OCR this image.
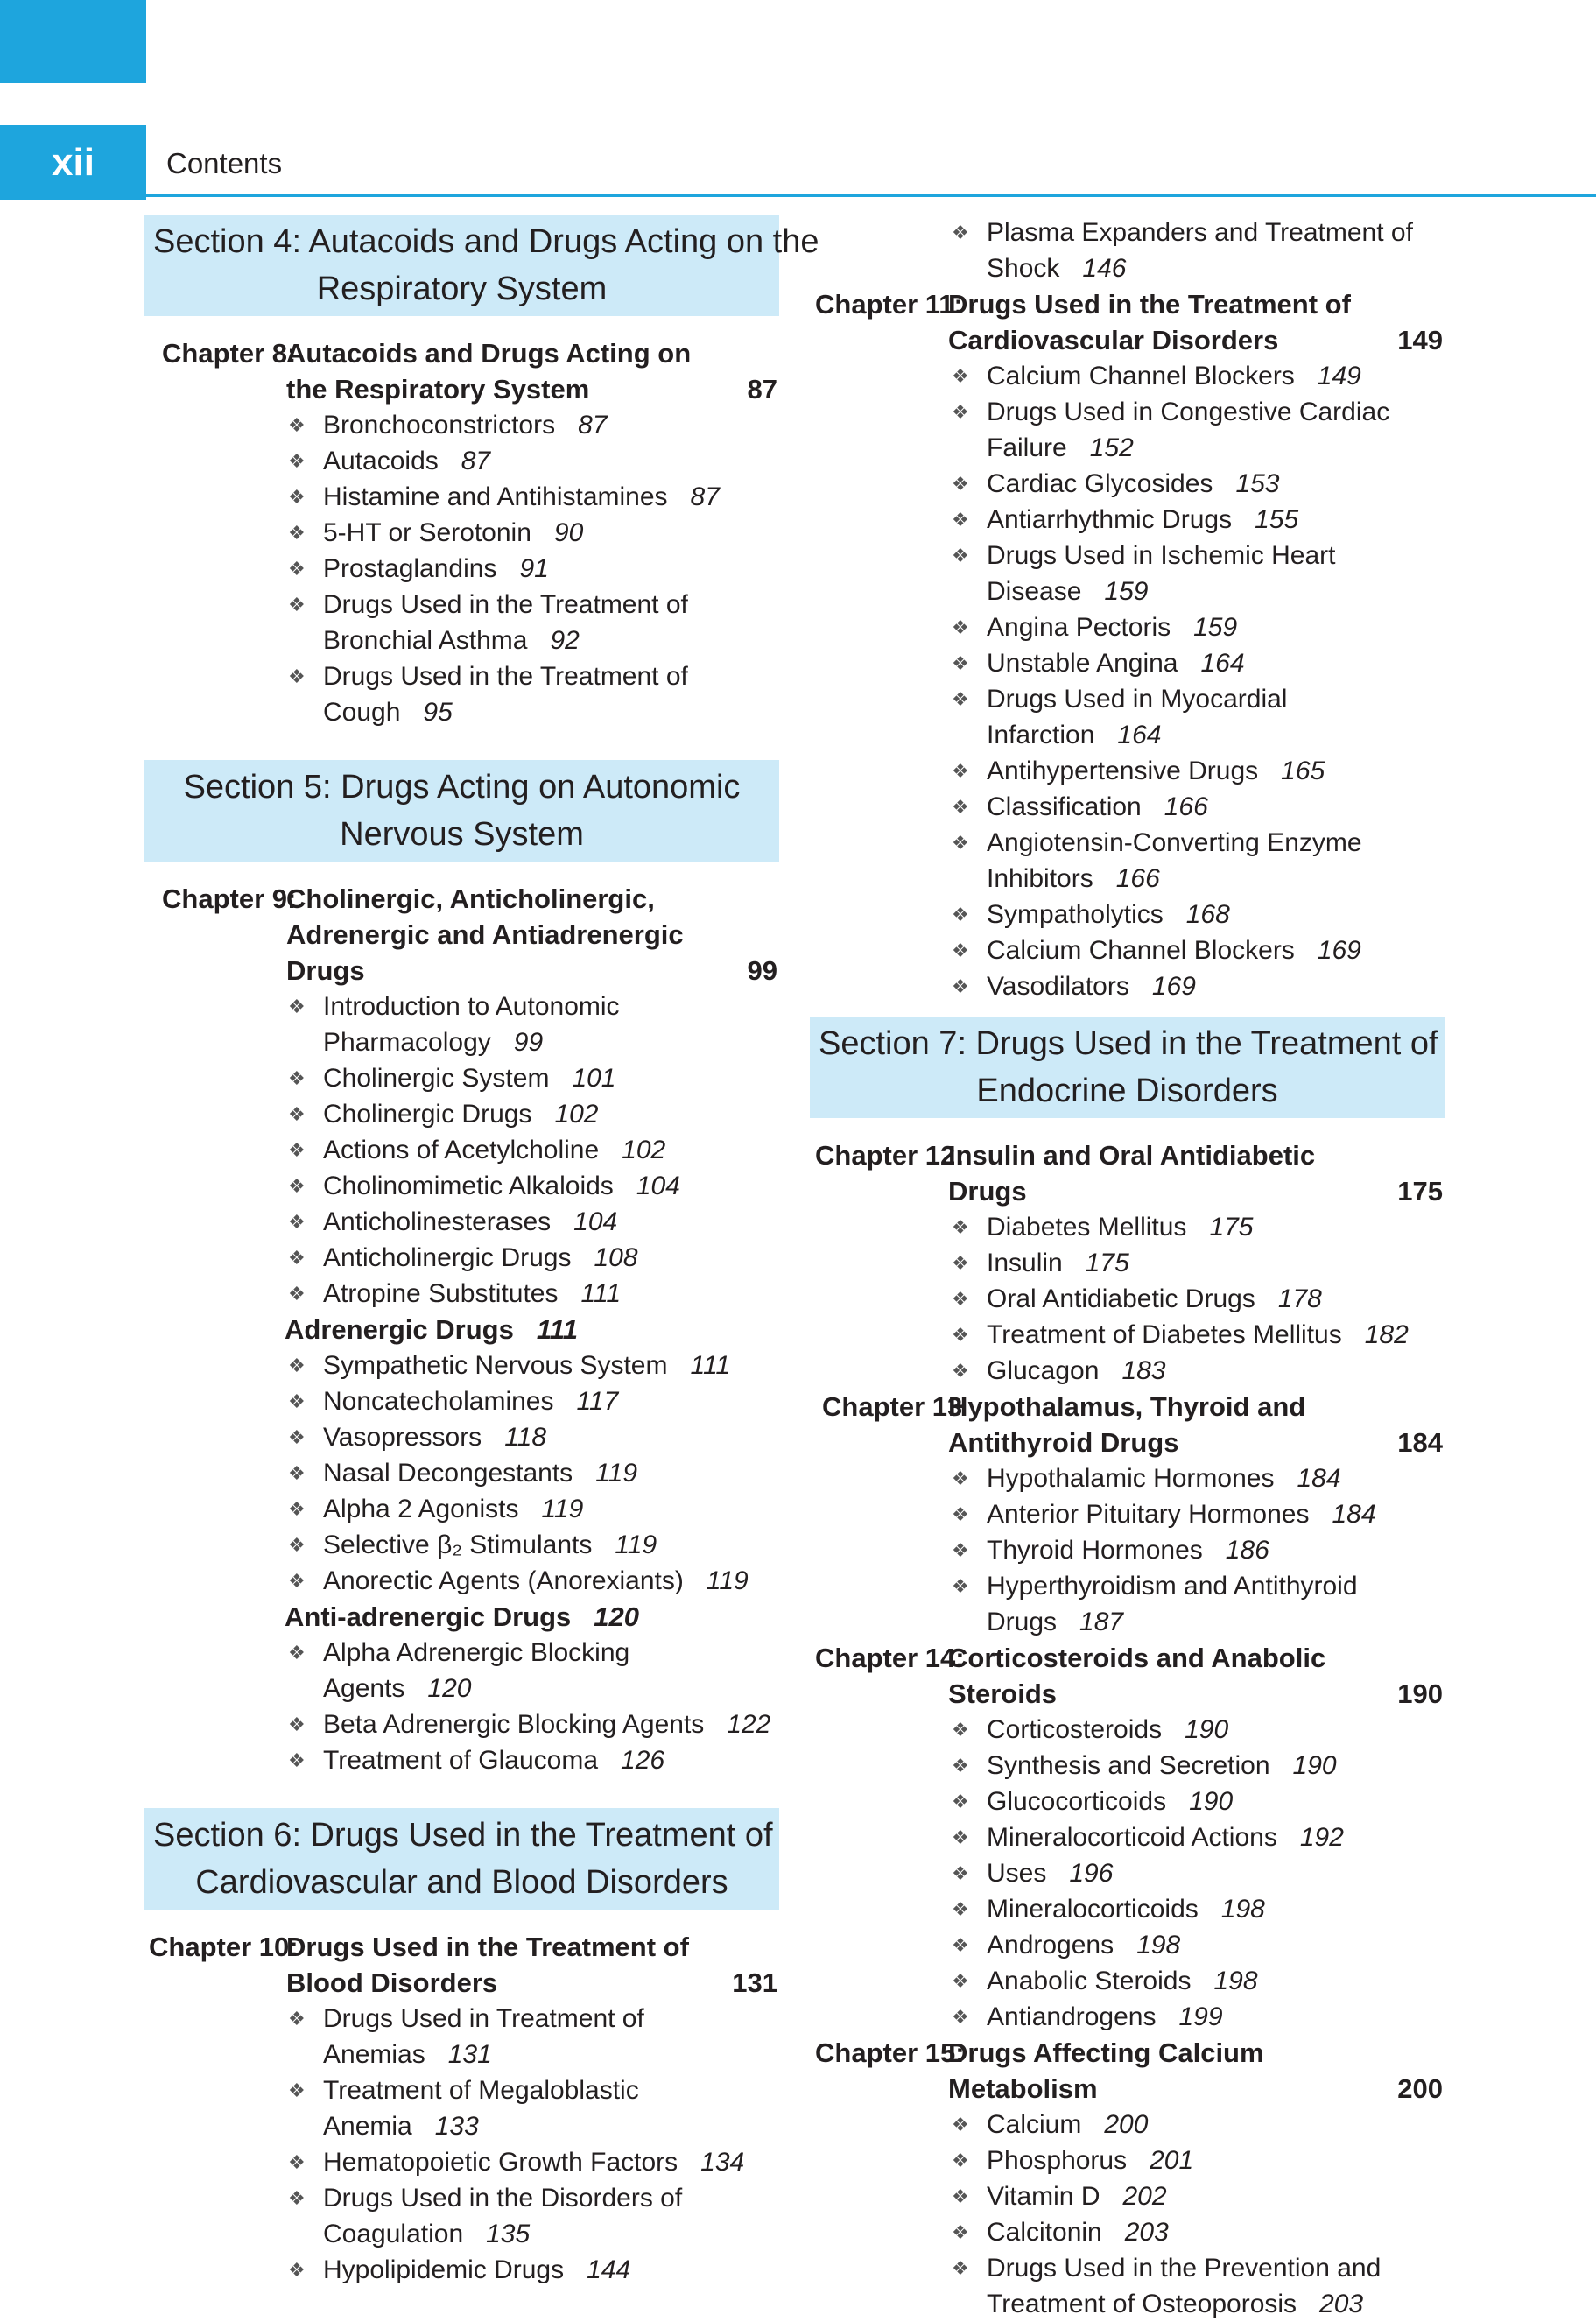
xii	Contents
Section 4: Autacoids and Drugs Acting on the
Respiratory System
Chapter 8:
Autacoids and Drugs Acting on the Respiratory System	87
❖ Bronchoconstrictors 87
❖ Autacoids 87
❖ Histamine and Antihistamines 87
❖ 5-HT or Serotonin 90
❖ Prostaglandins 91
❖ Drugs Used in the Treatment of Bronchial Asthma 92
❖ Drugs Used in the Treatment of Cough 95
Section 5: Drugs Acting on Autonomic
Nervous System
Chapter 9:
Cholinergic, Anticholinergic, Adrenergic and Antiadrenergic Drugs	99
❖ Introduction to Autonomic Pharmacology 99
❖ Cholinergic System 101
❖ Cholinergic Drugs 102
❖ Actions of Acetylcholine 102
❖ Cholinomimetic Alkaloids 104
❖ Anticholinesterases 104
❖ Anticholinergic Drugs 108
❖ Atropine Substitutes 111
Adrenergic Drugs 111
❖ Sympathetic Nervous System 111
❖ Noncatecholamines 117
❖ Vasopressors 118
❖ Nasal Decongestants 119
❖ Alpha 2 Agonists 119
❖ Selective β₂ Stimulants 119
❖ Anorectic Agents (Anorexiants) 119
Anti-adrenergic Drugs 120
❖ Alpha Adrenergic Blocking Agents 120
❖ Beta Adrenergic Blocking Agents 122
❖ Treatment of Glaucoma 126
Section 6: Drugs Used in the Treatment of
Cardiovascular and Blood Disorders
Chapter 10:
Drugs Used in the Treatment of Blood Disorders	131
❖ Drugs Used in Treatment of Anemias 131
❖ Treatment of Megaloblastic Anemia 133
❖ Hematopoietic Growth Factors 134
❖ Drugs Used in the Disorders of Coagulation 135
❖ Hypolipidemic Drugs 144
❖ Plasma Expanders and Treatment of Shock 146
Chapter 11:
Drugs Used in the Treatment of Cardiovascular Disorders	149
❖ Calcium Channel Blockers 149
❖ Drugs Used in Congestive Cardiac Failure 152
❖ Cardiac Glycosides 153
❖ Antiarrhythmic Drugs 155
❖ Drugs Used in Ischemic Heart Disease 159
❖ Angina Pectoris 159
❖ Unstable Angina 164
❖ Drugs Used in Myocardial Infarction 164
❖ Antihypertensive Drugs 165
❖ Classification 166
❖ Angiotensin-Converting Enzyme Inhibitors 166
❖ Sympatholytics 168
❖ Calcium Channel Blockers 169
❖ Vasodilators 169
Section 7: Drugs Used in the Treatment of
Endocrine Disorders
Chapter 12:
Insulin and Oral Antidiabetic Drugs	175
❖ Diabetes Mellitus 175
❖ Insulin 175
❖ Oral Antidiabetic Drugs 178
❖ Treatment of Diabetes Mellitus 182
❖ Glucagon 183
Chapter 13
Hypothalamus, Thyroid and Antithyroid Drugs	184
❖ Hypothalamic Hormones 184
❖ Anterior Pituitary Hormones 184
❖ Thyroid Hormones 186
❖ Hyperthyroidism and Antithyroid Drugs 187
Chapter 14:
Corticosteroids and Anabolic Steroids	190
❖ Corticosteroids 190
❖ Synthesis and Secretion 190
❖ Glucocorticoids 190
❖ Mineralocorticoid Actions 192
❖ Uses 196
❖ Mineralocorticoids 198
❖ Androgens 198
❖ Anabolic Steroids 198
❖ Antiandrogens 199
Chapter 15:
Drugs Affecting Calcium Metabolism	200
❖ Calcium 200
❖ Phosphorus 201
❖ Vitamin D 202
❖ Calcitonin 203
❖ Drugs Used in the Prevention and Treatment of Osteoporosis 203
